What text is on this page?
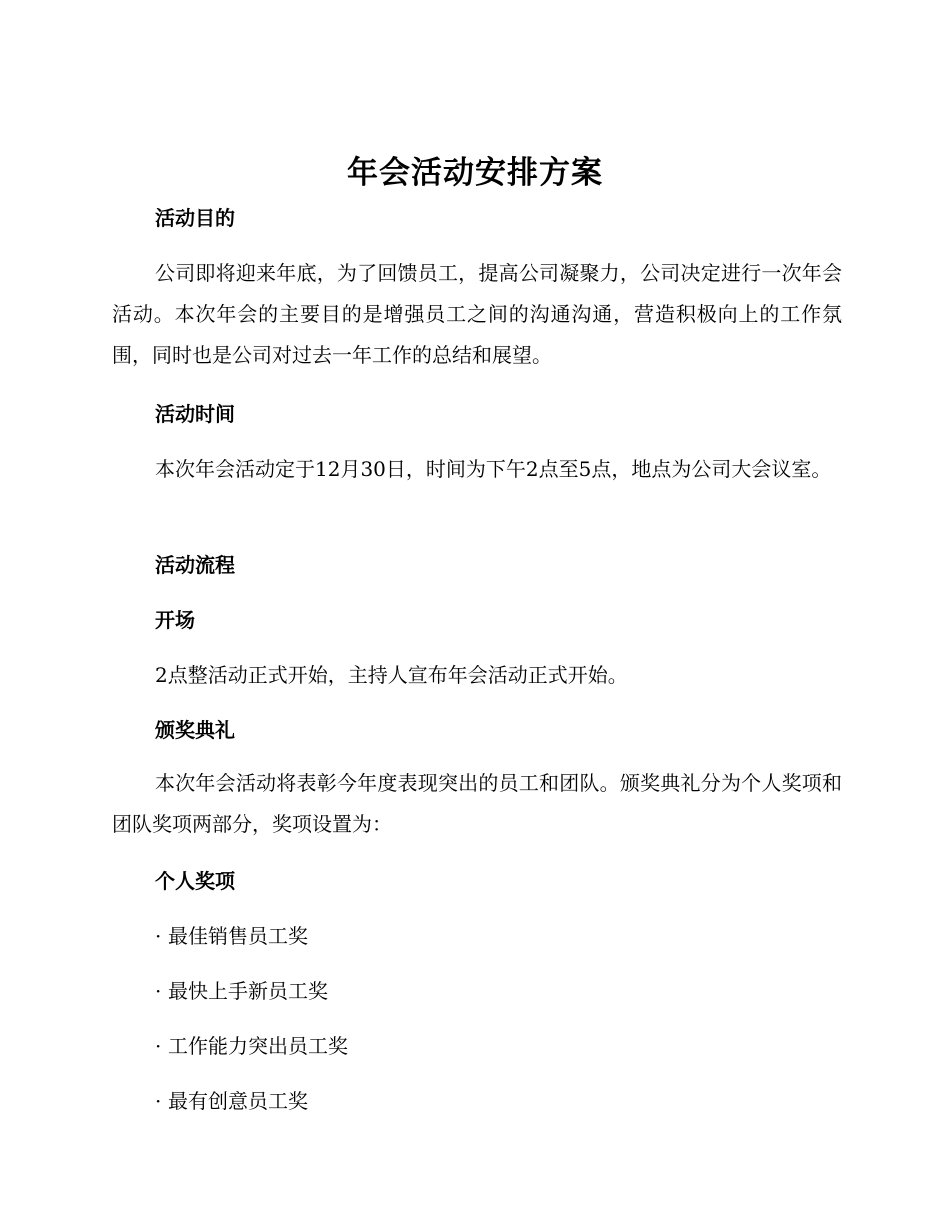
年会活动安排方案
活动目的
公司即将迎来年底，为了回馈员工，提高公司凝聚力，公司决定进行一次年会活动。本次年会的主要目的是增强员工之间的沟通沟通，营造积极向上的工作氛围，同时也是公司对过去一年工作的总结和展望。
活动时间
本次年会活动定于12月30日，时间为下午2点至5点，地点为公司大会议室。
活动流程
开场
2点整活动正式开始，主持人宣布年会活动正式开始。
颁奖典礼
本次年会活动将表彰今年度表现突出的员工和团队。颁奖典礼分为个人奖项和团队奖项两部分，奖项设置为：
个人奖项
· 最佳销售员工奖
· 最快上手新员工奖
· 工作能力突出员工奖
· 最有创意员工奖
